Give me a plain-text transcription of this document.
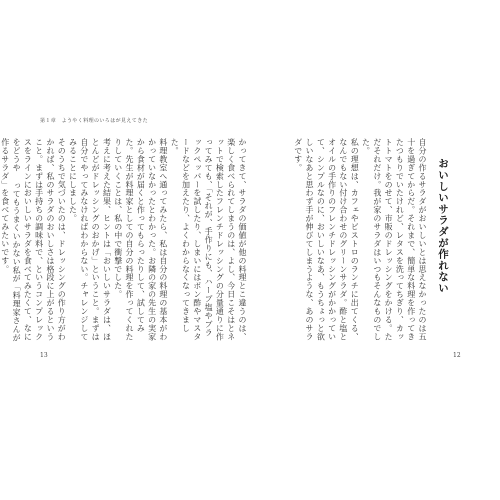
第１章　ようやく料理のいろはが見えてきた

かってきて、サラダの価値が他の料理とこ違うのは、楽しく食べられてしまうのは、よし、今日こそはとネットで検索したフレンチドレッシングの分量通りに作ってみても、「それが、手作りにも、ハーブ塩やブラックペッパーを試したり、しまいにはポン酢やマスタードなどを加えたり、よくわからなくなってきました。

料理教室へ通ってみたら、私は自分の料理の基本がわかっていなかったとわかった。お隣の家の先生の実家から食材が届くと作ってもらったりして、試してみた。先生が料理家としての自分の料理を作ってくれたりしていくことは、私の中で衝撃でした。

考えに考えた結果、ヒントは「おいしいサラダは、ほとんどがドレッシングのおかげ」ということ。まずは自分でやってみなければわからない。チャレンジしてみることにしました。

そのうちで気づいたのは、ドレッシングの作り方がわかれば、私のサラダのおいしさは格段に上がるということ。まずは手持ちの調味料で、というコンプレックスをラインにおいしいサラダを食べてみたくて、なにをどうや ってもうまくいかない私が「料理家さんが作るサラダ」を食べてみたいです。

13

自分の作るサラダがおいしいとは思えなかったのは五十を過ぎてからだ。それまで、簡単な料理を作ってきたつもりでいたけれど、レタスを洗ってちぎり、カットトマトをのせて、市販のドレッシングをかける。ただそれだけ。我が家のサラダはいつもそんなものでした。

私の理想は、カフェやビストロのランチに出てくる、なんでもない付け合わせのグリーンサラダ。酢と塩とオイルの手作りのフレンチドレッシングがかかっていて、シンプルなのに、おいしいなあ、もうちょっと欲しいなあと思わず手が伸びてしまうような、あのサラダです。

おいしいサラダが作れない
12
